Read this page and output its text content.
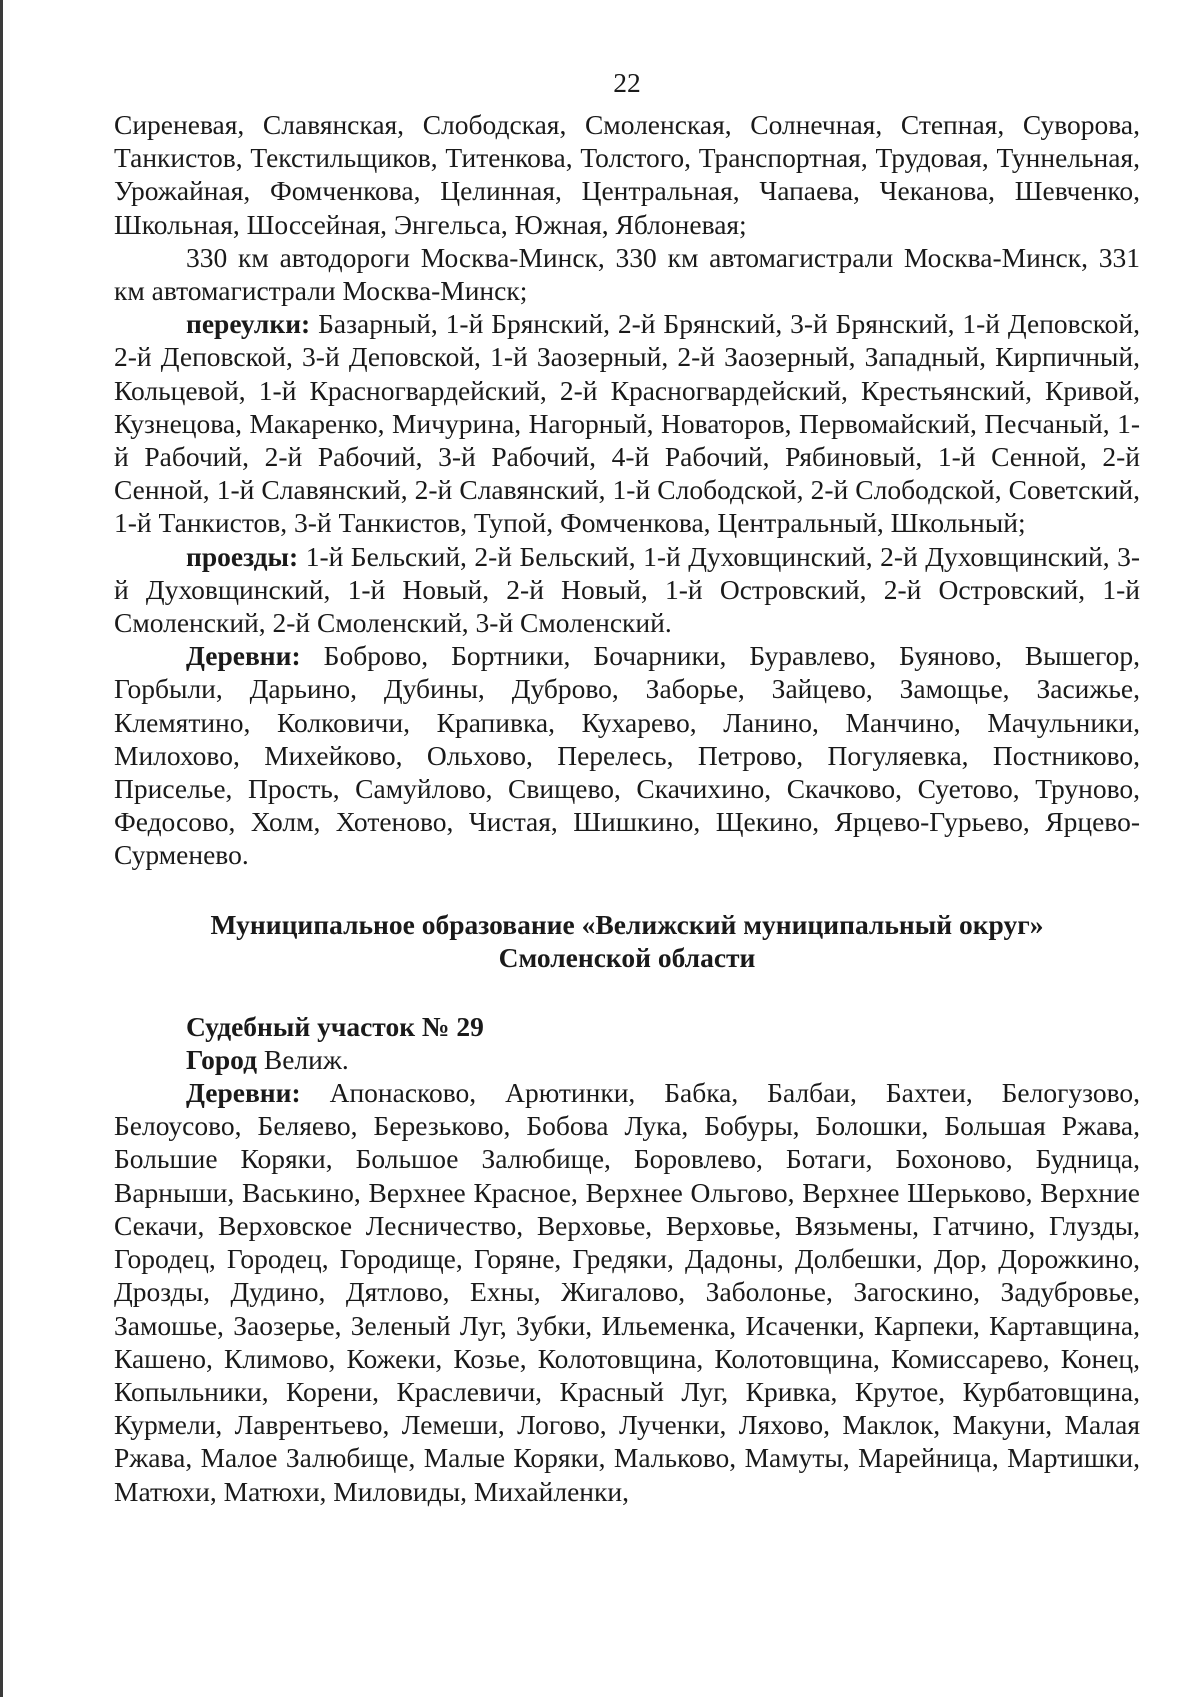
22

Сиреневая, Славянская, Слободская, Смоленская, Солнечная, Степная, Суворова, Танкистов, Текстильщиков, Титенкова, Толстого, Транспортная, Трудовая, Туннельная, Урожайная, Фомченкова, Целинная, Центральная, Чапаева, Чеканова, Шевченко, Школьная, Шоссейная, Энгельса, Южная, Яблоневая;

330 км автодороги Москва-Минск, 330 км автомагистрали Москва-Минск, 331 км автомагистрали Москва-Минск;

переулки: Базарный, 1-й Брянский, 2-й Брянский, 3-й Брянский, 1-й Деповской, 2-й Деповской, 3-й Деповской, 1-й Заозерный, 2-й Заозерный, Западный, Кирпичный, Кольцевой, 1-й Красногвардейский, 2-й Красногвардейский, Крестьянский, Кривой, Кузнецова, Макаренко, Мичурина, Нагорный, Новаторов, Первомайский, Песчаный, 1-й Рабочий, 2-й Рабочий, 3-й Рабочий, 4-й Рабочий, Рябиновый, 1-й Сенной, 2-й Сенной, 1-й Славянский, 2-й Славянский, 1-й Слободской, 2-й Слободской, Советский, 1-й Танкистов, 3-й Танкистов, Тупой, Фомченкова, Центральный, Школьный;

проезды: 1-й Бельский, 2-й Бельский, 1-й Духовщинский, 2-й Духовщинский, 3-й Духовщинский, 1-й Новый, 2-й Новый, 1-й Островский, 2-й Островский, 1-й Смоленский, 2-й Смоленский, 3-й Смоленский.

Деревни: Боброво, Бортники, Бочарники, Буравлево, Буяново, Вышегор, Горбыли, Дарьино, Дубины, Дуброво, Заборье, Зайцево, Замощье, Засижье, Клемятино, Колковичи, Крапивка, Кухарево, Ланино, Манчино, Мачульники, Милохово, Михейково, Ольхово, Перелесь, Петрово, Погуляевка, Постниково, Приселье, Прость, Самуйлово, Свищево, Скачихино, Скачково, Суетово, Труново, Федосово, Холм, Хотеново, Чистая, Шишкино, Щекино, Ярцево-Гурьево, Ярцево-Сурменево.

Муниципальное образование «Велижский муниципальный округ»
Смоленской области

Судебный участок № 29

Город Велиж.

Деревни: Апонасково, Арютинки, Бабка, Балбаи, Бахтеи, Белогузово, Белоусово, Беляево, Березьково, Бобова Лука, Бобуры, Болошки, Большая Ржава, Большие Коряки, Большое Залюбище, Боровлево, Ботаги, Бохоново, Будница, Варныши, Васькино, Верхнее Красное, Верхнее Ольгово, Верхнее Шерьково, Верхние Секачи, Верховское Лесничество, Верховье, Верховье, Вязьмены, Гатчино, Глузды, Городец, Городец, Городище, Горяне, Гредяки, Дадоны, Долбешки, Дор, Дорожкино, Дрозды, Дудино, Дятлово, Ехны, Жигалово, Заболонье, Загоскино, Задубровье, Замошье, Заозерье, Зеленый Луг, Зубки, Ильеменка, Исаченки, Карпеки, Картавщина, Кашено, Климово, Кожеки, Козье, Колотовщина, Колотовщина, Комиссарево, Конец, Копыльники, Корени, Краслевичи, Красный Луг, Кривка, Крутое, Курбатовщина, Курмели, Лаврентьево, Лемеши, Логово, Лученки, Ляхово, Маклок, Макуни, Малая Ржава, Малое Залюбище, Малые Коряки, Мальково, Мамуты, Марейница, Мартишки, Матюхи, Матюхи, Миловиды, Михайленки,
